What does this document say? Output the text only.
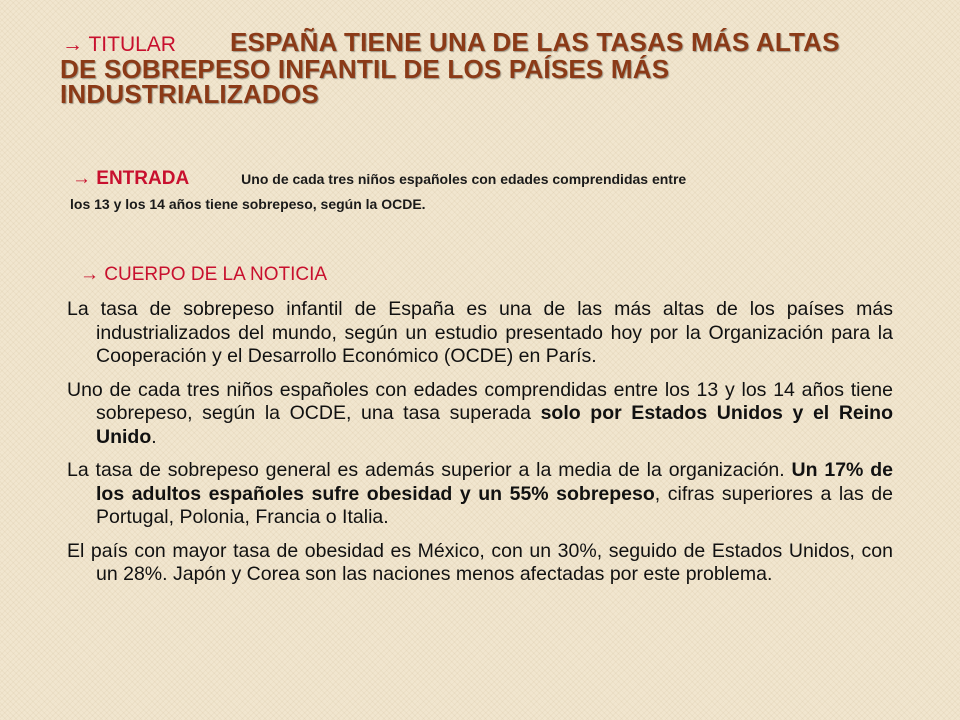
→ TITULAR ESPAÑA TIENE UNA DE LAS TASAS MÁS ALTAS DE SOBREPESO INFANTIL DE LOS PAÍSES MÁS INDUSTRIALIZADOS
→ ENTRADA	Uno de cada tres niños españoles con edades comprendidas entre
los 13 y los 14 años tiene sobrepeso, según la OCDE.
→ CUERPO DE LA NOTICIA

La tasa de sobrepeso infantil de España es una de las más altas de los países más industrializados del mundo, según un estudio presentado hoy por la Organización para la Cooperación y el Desarrollo Económico (OCDE) en París.

Uno de cada tres niños españoles con edades comprendidas entre los 13 y los 14 años tiene sobrepeso, según la OCDE, una tasa superada solo por Estados Unidos y el Reino Unido.

La tasa de sobrepeso general es además superior a la media de la organización. Un 17% de los adultos españoles sufre obesidad y un 55% sobrepeso, cifras superiores a las de Portugal, Polonia, Francia o Italia.

El país con mayor tasa de obesidad es México, con un 30%, seguido de Estados Unidos, con un 28%. Japón y Corea son las naciones menos afectadas por este problema.
